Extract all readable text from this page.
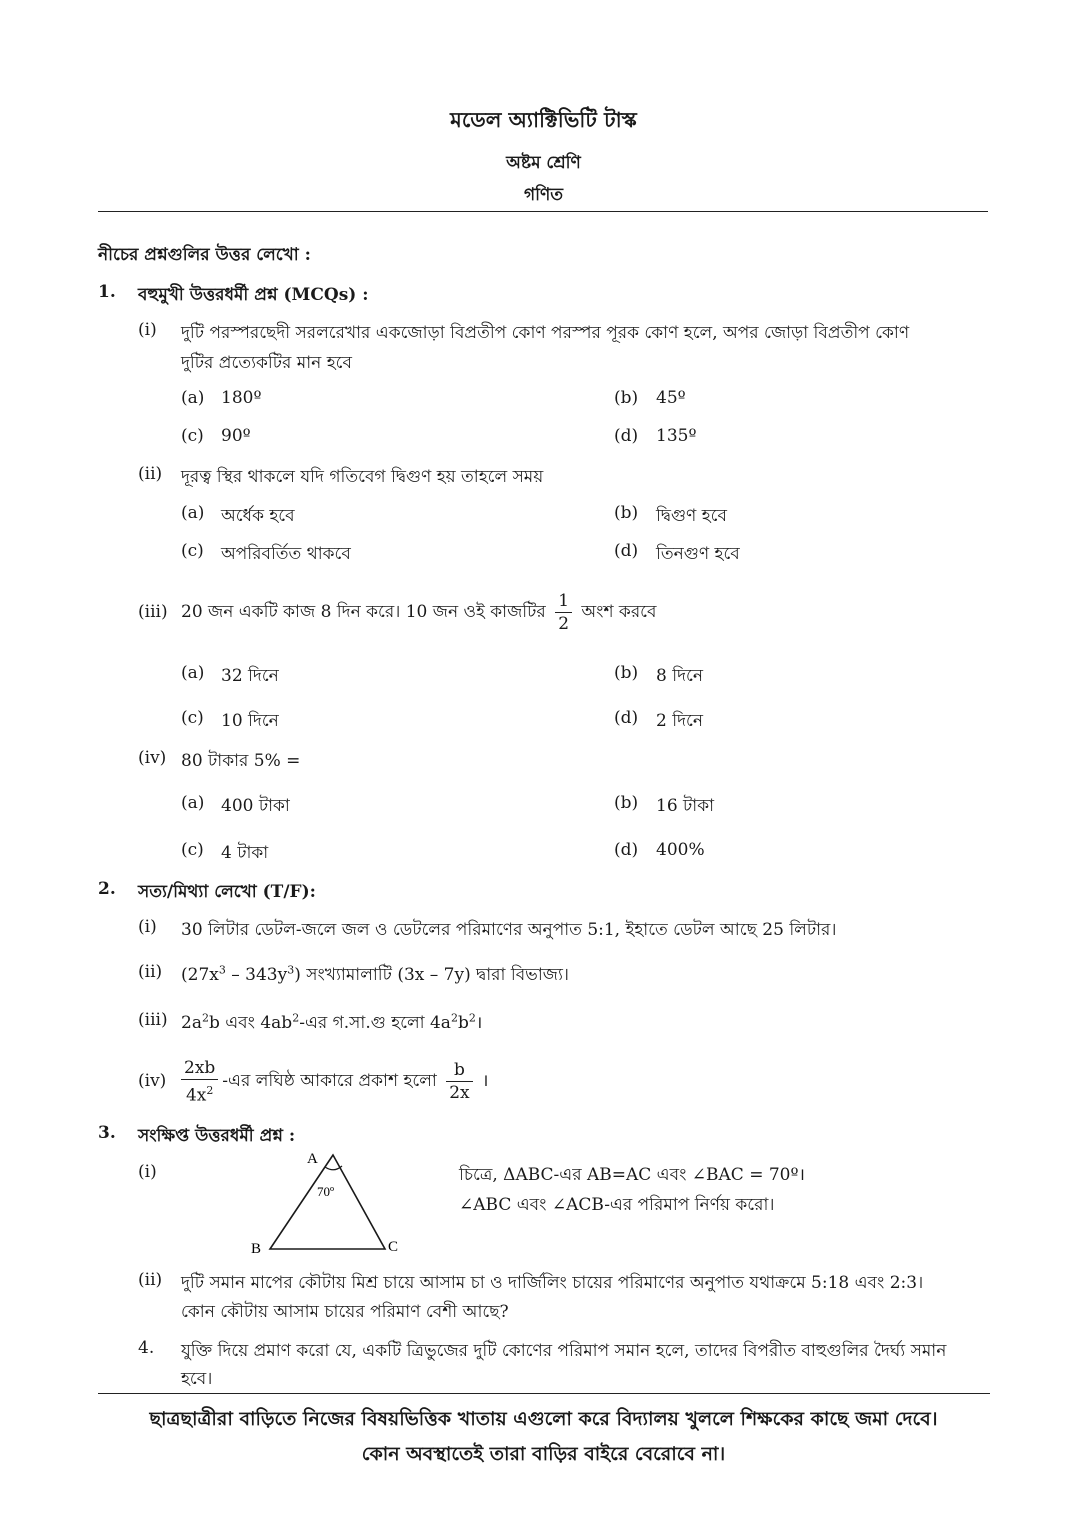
মডেল অ্যাক্টিভিটি টাস্ক
অষ্টম শ্রেণি
গণিত
নীচের প্রশ্নগুলির উত্তর লেখো :
1. বহুমুখী উত্তরধর্মী প্রশ্ন (MCQs) :
(i) দুটি পরস্পরছেদী সরলরেখার একজোড়া বিপ্রতীপ কোণ পরস্পর পূরক কোণ হলে, অপর জোড়া বিপ্রতীপ কোণ
দুটির প্রত্যেকটির মান হবে
(a) 180º	(b) 45º
(c) 90º	(d) 135º
(ii) দূরত্ব স্থির থাকলে যদি গতিবেগ দ্বিগুণ হয় তাহলে সময়
(a) অর্ধেক হবে	(b) দ্বিগুণ হবে
(c) অপরিবর্তিত থাকবে	(d) তিনগুণ হবে
(iii) 20 জন একটি কাজ 8 দিন করে। 10 জন ওই কাজটির $\frac{1}{2}$ অংশ করবে
(a) 32 দিনে	(b) 8 দিনে
(c) 10 দিনে	(d) 2 দিনে
(iv) 80 টাকার 5% =
(a) 400 টাকা	(b) 16 টাকা
(c) 4 টাকা	(d) 400%
2. সত্য/মিথ্যা লেখো (T/F):
(i) 30 লিটার ডেটল-জলে জল ও ডেটলের পরিমাণের অনুপাত 5:1, ইহাতে ডেটল আছে 25 লিটার।
(ii) $(27x^3 - 343y^3)$ সংখ্যামালাটি (3x – 7y) দ্বারা বিভাজ্য।
(iii) $2a^2b$ এবং $4ab^2-এর$ গ.সা.গু হলো $4a^2b^2।$
$(iv) \frac{2xb}{4x^2}$ -এর লঘিষ্ঠ আকারে প্রকাশ হলো $\frac{b}{2x}$ ।
3. সংক্ষিপ্ত উত্তরধর্মী প্রশ্ন :
(i)
A
70º
B	C
চিত্রে, ΔABC-এর AB=AC এবং ∠BAC = 70º।
∠ABC এবং ∠ACB-এর পরিমাপ নির্ণয় করো।
(ii) দুটি সমান মাপের কৌটায় মিশ্র চায়ে আসাম চা ও দার্জিলিং চায়ের পরিমাণের অনুপাত যথাক্রমে 5:18 এবং 2:3।
কোন কৌটায় আসাম চায়ের পরিমাণ বেশী আছে?
4. যুক্তি দিয়ে প্রমাণ করো যে, একটি ত্রিভুজের দুটি কোণের পরিমাপ সমান হলে, তাদের বিপরীত বাহুগুলির দৈর্ঘ্য সমান
হবে।
ছাত্রছাত্রীরা বাড়িতে নিজের বিষয়ভিত্তিক খাতায় এগুলো করে বিদ্যালয় খুললে শিক্ষকের কাছে জমা দেবে।
কোন অবস্থাতেই তারা বাড়ির বাইরে বেরোবে না।
